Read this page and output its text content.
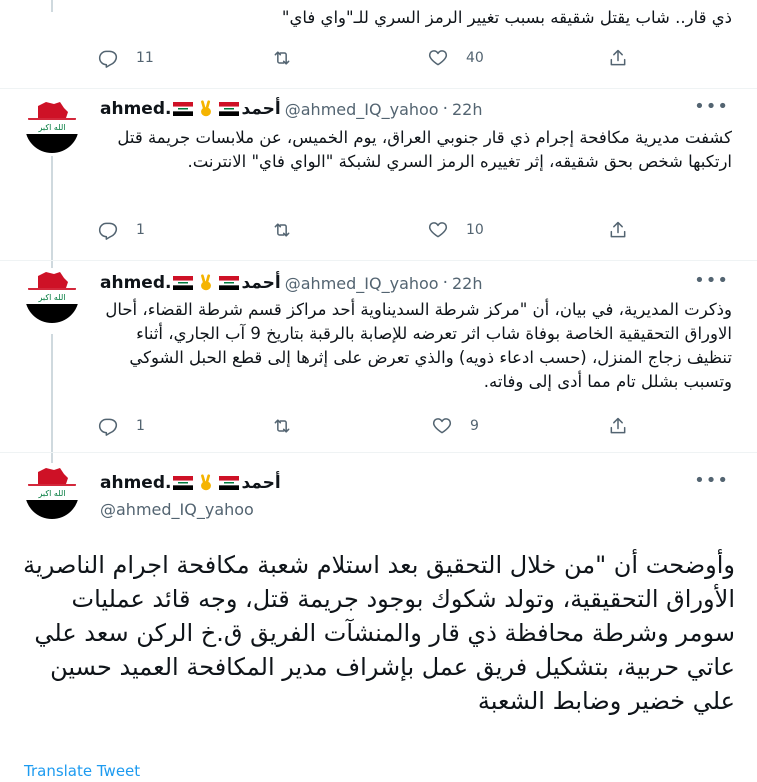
ذي قار.. شاب يقتل شقيقه بسبب تغيير الرمز السري للـ"واي فاي"
11	40
ahmed.	أحمد @ahmed_IQ_yahoo · 22h	•••
كشفت مديرية مكافحة إجرام ذي قار جنوبي العراق، يوم الخميس، عن ملابسات جريمة قتل ارتكبها شخص بحق شقيقه، إثر تغييره الرمز السري لشبكة "الواي فاي" الانترنت.
1	10
ahmed.	أحمد @ahmed_IQ_yahoo · 22h	•••
وذكرت المديرية، في بيان، أن "مركز شرطة السديناوية أحد مراكز قسم شرطة القضاء، أحال الاوراق التحقيقية الخاصة بوفاة شاب اثر تعرضه للإصابة بالرقبة بتاريخ 9 آب الجاري، أثناء تنظيف زجاج المنزل، (حسب ادعاء ذويه) والذي تعرض على إثرها إلى قطع الحبل الشوكي وتسبب بشلل تام مما أدى إلى وفاته.
1	9
ahmed.	أحمد	•••
@ahmed_IQ_yahoo
وأوضحت أن "من خلال التحقيق بعد استلام شعبة مكافحة اجرام الناصرية الأوراق التحقيقية، وتولد شكوك بوجود جريمة قتل، وجه قائد عمليات سومر وشرطة محافظة ذي قار والمنشآت الفريق ق.خ الركن سعد علي عاتي حربية، بتشكيل فريق عمل بإشراف مدير المكافحة العميد حسين علي خضير وضابط الشعبة
Translate Tweet
